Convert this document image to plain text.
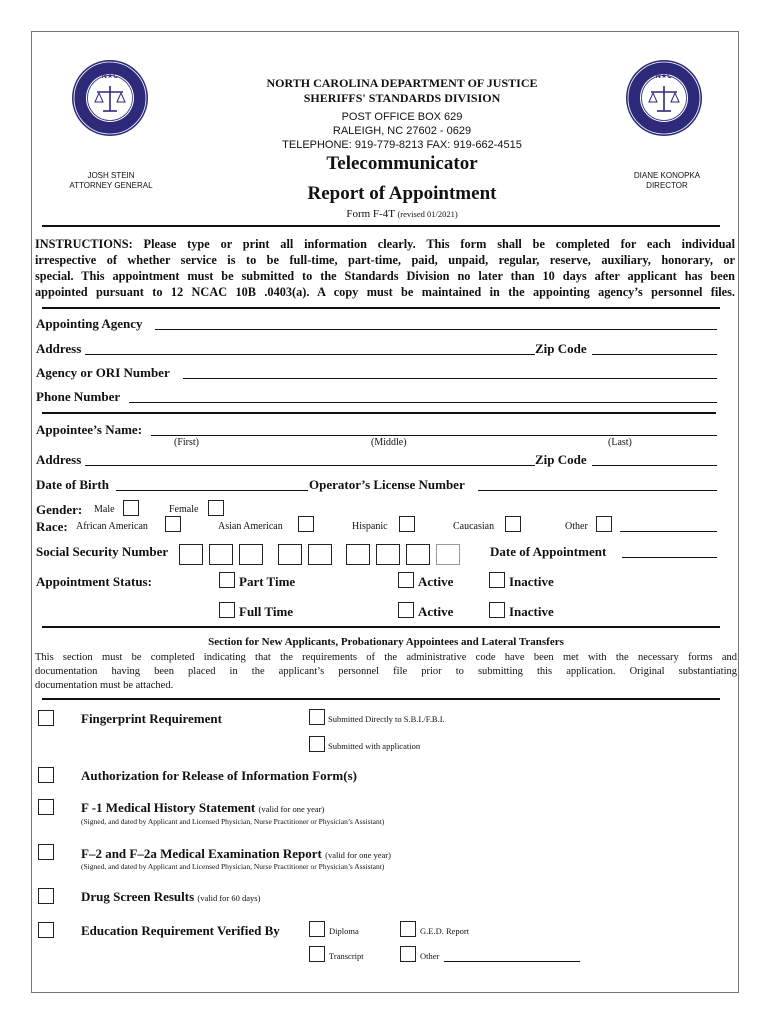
N★C	N★C
NORTH CAROLINA DEPARTMENT OF JUSTICE
SHERIFFS' STANDARDS DIVISION
POST OFFICE BOX 629
RALEIGH, NC 27602 - 0629
TELEPHONE: 919-779-8213 FAX: 919-662-4515
Telecommunicator
Report of Appointment
Form F-4T (revised 01/2021)
JOSH STEIN
ATTORNEY GENERAL
DIANE KONOPKA
DIRECTOR
INSTRUCTIONS: Please type or print all information clearly. This form shall be completed for each individual
irrespective of whether service is to be full-time, part-time, paid, unpaid, regular, reserve, auxiliary, honorary, or
special. This appointment must be submitted to the Standards Division no later than 10 days after applicant has been
appointed pursuant to 12 NCAC 10B .0403(a). A copy must be maintained in the appointing agency’s personnel files.
Appointing Agency
Address	Zip Code
Agency or ORI Number
Phone Number
Appointee’s Name:
(First)	(Middle)	(Last)
Address	Zip Code
Date of Birth	Operator’s License Number
Gender: Male	Female
Race: African American	Asian American	Hispanic	Caucasian	Other
Social Security Number	Date of Appointment
Appointment Status:	Part Time	Active	Inactive
Full Time	Active	Inactive
Section for New Applicants, Probationary Appointees and Lateral Transfers
This section must be completed indicating that the requirements of the administrative code have been met with the necessary forms and
documentation having been placed in the applicant’s personnel file prior to submitting this application. Original substantiating
documentation must be attached.
Fingerprint Requirement	Submitted Directly to S.B.I./F.B.I.
Submitted with application
Authorization for Release of Information Form(s)
F -1 Medical History Statement (valid for one year)
(Signed, and dated by Applicant and Licensed Physician, Nurse Practitioner or Physician’s Assistant)
F–2 and F–2a Medical Examination Report (valid for one year)
(Signed, and dated by Applicant and Licensed Physician, Nurse Practitioner or Physician’s Assistant)
Drug Screen Results (valid for 60 days)
Education Requirement Verified By	Diploma	G.E.D. Report
Transcript	Other
